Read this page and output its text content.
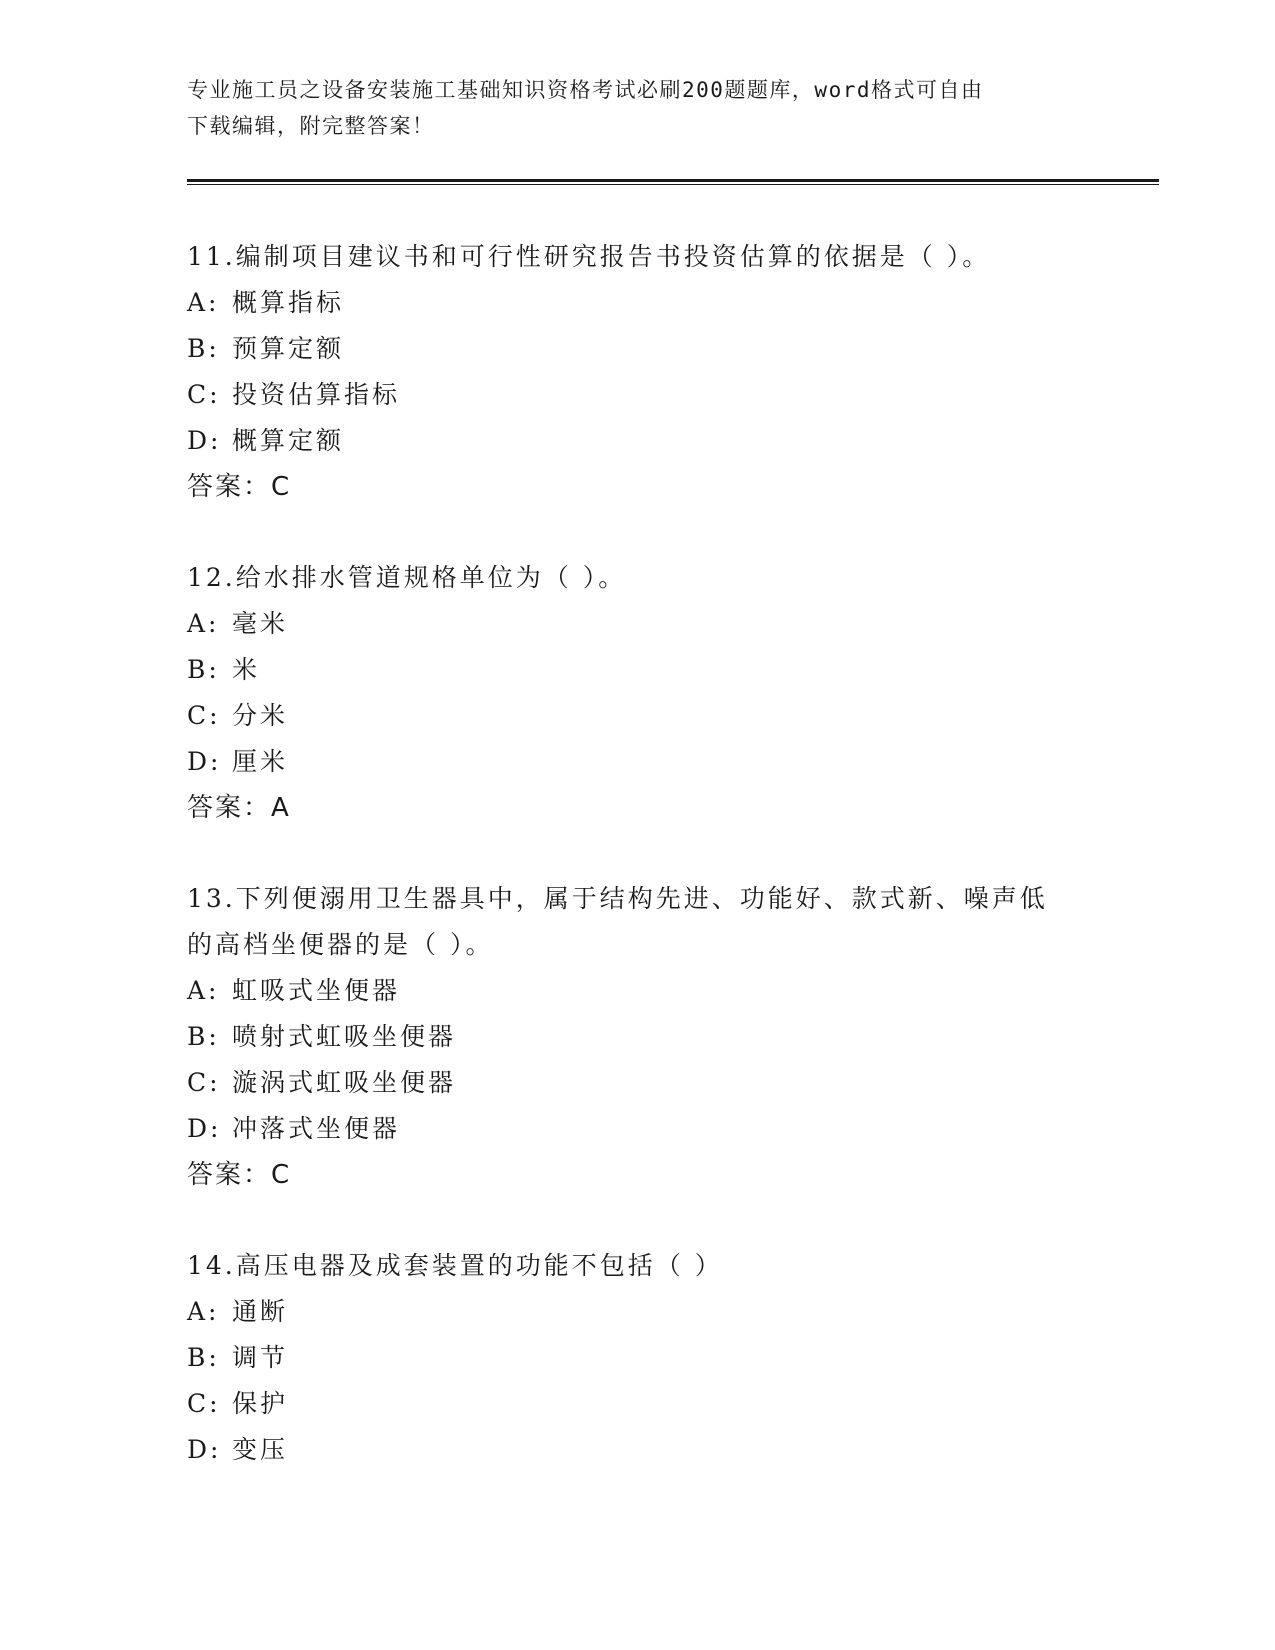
专业施工员之设备安装施工基础知识资格考试必刷200题题库，word格式可自由
下载编辑，附完整答案！
11.编制项目建议书和可行性研究报告书投资估算的依据是（ ）。
A: 概算指标
B: 预算定额
C: 投资估算指标
D: 概算定额
答案：C
12.给水排水管道规格单位为（ ）。
A: 毫米
B: 米
C: 分米
D: 厘米
答案：A
13.下列便溺用卫生器具中，属于结构先进、功能好、款式新、噪声低
的高档坐便器的是（ ）。
A: 虹吸式坐便器
B: 喷射式虹吸坐便器
C: 漩涡式虹吸坐便器
D: 冲落式坐便器
答案：C
14.高压电器及成套装置的功能不包括（ ）
A: 通断
B: 调节
C: 保护
D: 变压
